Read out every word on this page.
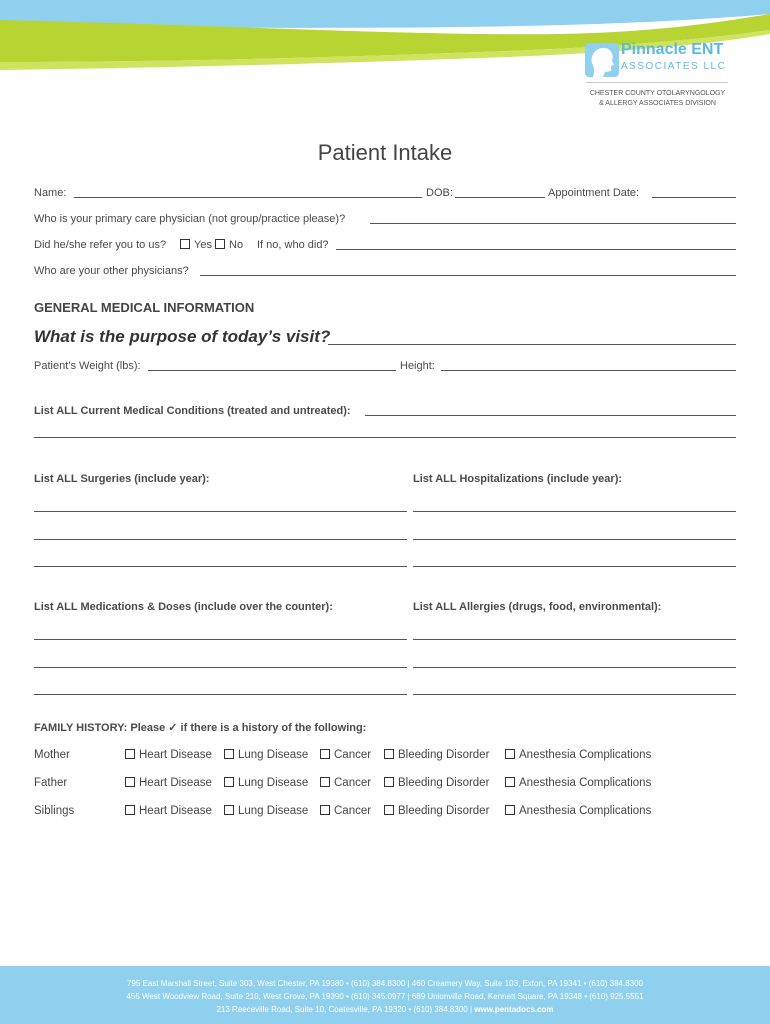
Pinnacle ENT
ASSOCIATES LLC
CHESTER COUNTY OTOLARYNGOLOGY
& ALLERGY ASSOCIATES DIVISION
Patient Intake
Name:	DOB:	Appointment Date:
Who is your primary care physician (not group/practice please)?
Did he/she refer you to us?	Yes	No If no, who did?
Who are your other physicians?
GENERAL MEDICAL INFORMATION
What is the purpose of today’s visit?
Patient’s Weight (lbs):	Height:
List ALL Current Medical Conditions (treated and untreated):
List ALL Surgeries (include year):	List ALL Hospitalizations (include year):
List ALL Medications & Doses (include over the counter):	List ALL Allergies (drugs, food, environmental):
FAMILY HISTORY: Please ✓ if there is a history of the following:
Mother	Heart Disease	Lung Disease	Cancer	Bleeding Disorder	Anesthesia Complications
Father	Heart Disease	Lung Disease	Cancer	Bleeding Disorder	Anesthesia Complications
Siblings	Heart Disease	Lung Disease	Cancer	Bleeding Disorder	Anesthesia Complications
795 East Marshall Street, Suite 303, West Chester, PA 19380 • (610) 384.8300 | 460 Creamery Way, Suite 103, Exton, PA 19341 • (610) 384.8300
455 West Woodview Road, Suite 210, West Grove, PA 19390 • (610) 345.0977 | 689 Unionville Road, Kennett Square, PA 19348 • (610) 925.5551
213 Reeceville Road, Suite 10, Coatesville, PA 19320 • (610) 384.8300 | www.pentadocs.com
